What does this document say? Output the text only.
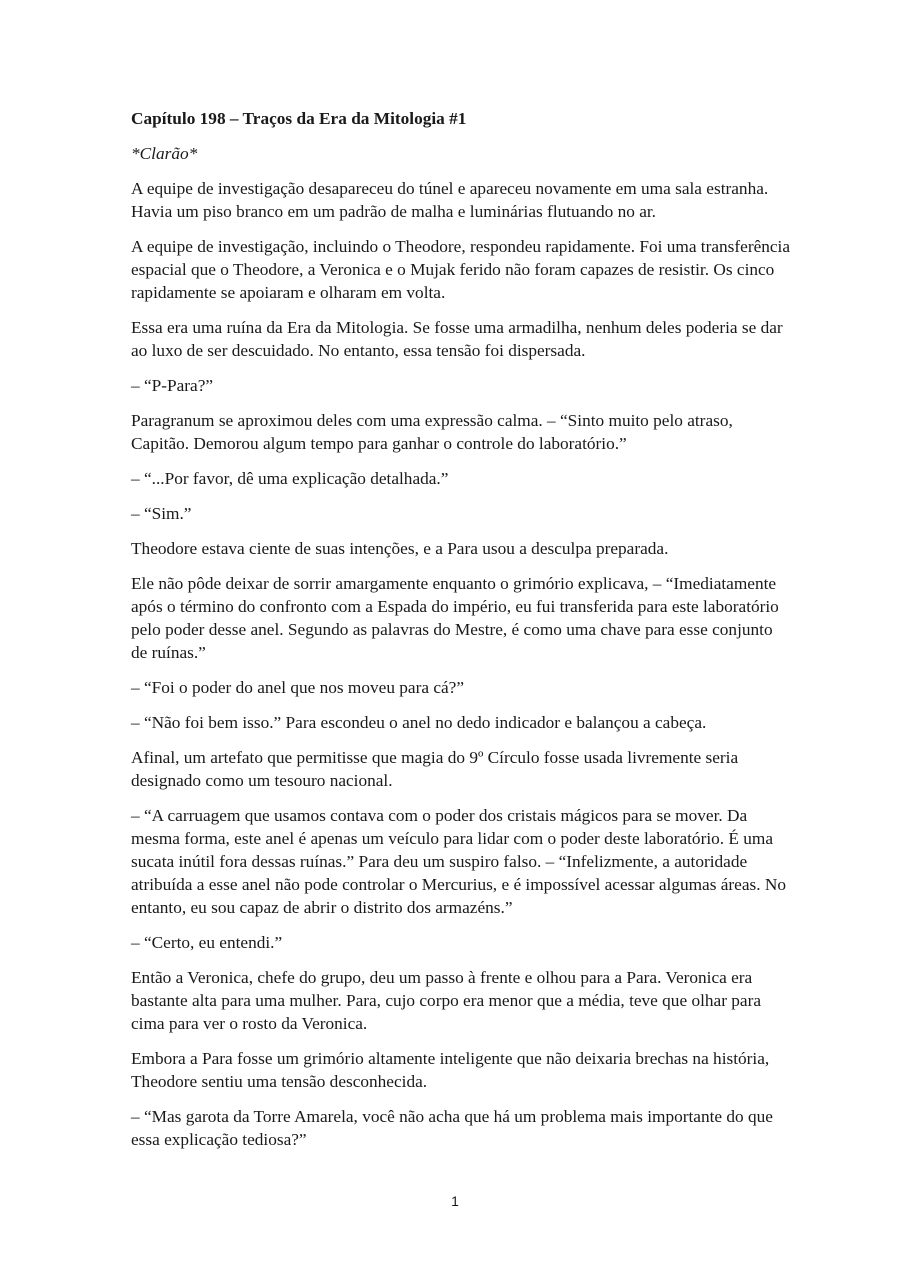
Capítulo 198 – Traços da Era da Mitologia #1

*Clarão*

A equipe de investigação desapareceu do túnel e apareceu novamente em uma sala estranha. Havia um piso branco em um padrão de malha e luminárias flutuando no ar.

A equipe de investigação, incluindo o Theodore, respondeu rapidamente. Foi uma transferência espacial que o Theodore, a Veronica e o Mujak ferido não foram capazes de resistir. Os cinco rapidamente se apoiaram e olharam em volta.

Essa era uma ruína da Era da Mitologia. Se fosse uma armadilha, nenhum deles poderia se dar ao luxo de ser descuidado. No entanto, essa tensão foi dispersada.

– “P-Para?”

Paragranum se aproximou deles com uma expressão calma. – “Sinto muito pelo atraso, Capitão. Demorou algum tempo para ganhar o controle do laboratório.”

– “...Por favor, dê uma explicação detalhada.”

– “Sim.”

Theodore estava ciente de suas intenções, e a Para usou a desculpa preparada.

Ele não pôde deixar de sorrir amargamente enquanto o grimório explicava, – “Imediatamente após o término do confronto com a Espada do império, eu fui transferida para este laboratório pelo poder desse anel. Segundo as palavras do Mestre, é como uma chave para esse conjunto de ruínas.”

– “Foi o poder do anel que nos moveu para cá?”

– “Não foi bem isso.” Para escondeu o anel no dedo indicador e balançou a cabeça.

Afinal, um artefato que permitisse que magia do 9º Círculo fosse usada livremente seria designado como um tesouro nacional.

– “A carruagem que usamos contava com o poder dos cristais mágicos para se mover. Da mesma forma, este anel é apenas um veículo para lidar com o poder deste laboratório. É uma sucata inútil fora dessas ruínas.” Para deu um suspiro falso. – “Infelizmente, a autoridade atribuída a esse anel não pode controlar o Mercurius, e é impossível acessar algumas áreas. No entanto, eu sou capaz de abrir o distrito dos armazéns.”

– “Certo, eu entendi.”

Então a Veronica, chefe do grupo, deu um passo à frente e olhou para a Para. Veronica era bastante alta para uma mulher. Para, cujo corpo era menor que a média, teve que olhar para cima para ver o rosto da Veronica.

Embora a Para fosse um grimório altamente inteligente que não deixaria brechas na história, Theodore sentiu uma tensão desconhecida.

– “Mas garota da Torre Amarela, você não acha que há um problema mais importante do que essa explicação tediosa?”

1
